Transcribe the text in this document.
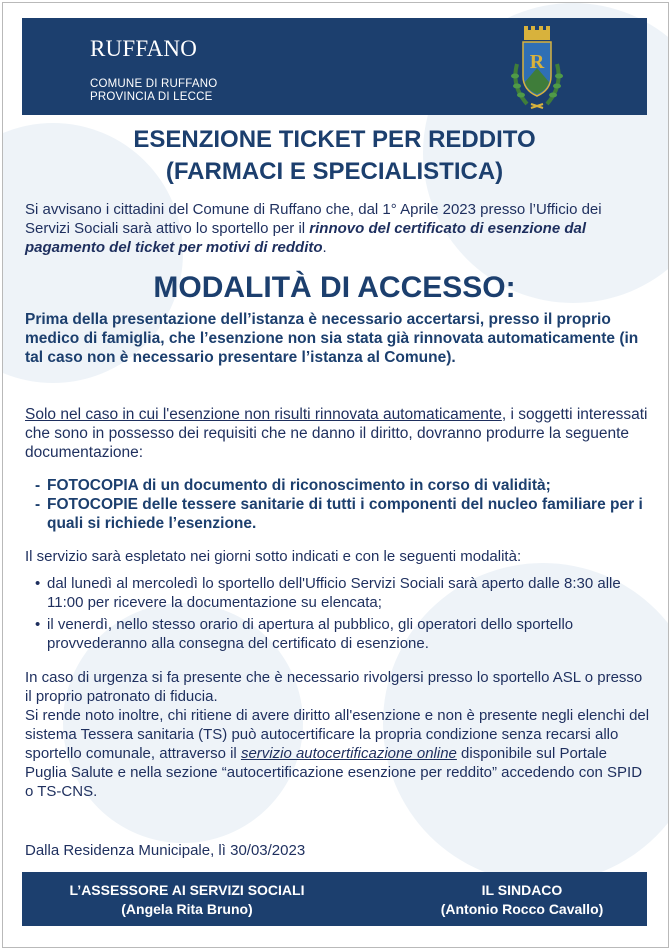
RUFFANO
COMUNE DI RUFFANO
PROVINCIA DI LECCE
R
ESENZIONE TICKET PER REDDITO
(FARMACI E SPECIALISTICA)
Si avvisano i cittadini del Comune di Ruffano che, dal 1° Aprile 2023 presso l’Ufficio dei Servizi Sociali sarà attivo lo sportello per il rinnovo del certificato di esenzione dal pagamento del ticket per motivi di reddito.
MODALITÀ DI ACCESSO:
Prima della presentazione dell’istanza è necessario accertarsi, presso il proprio medico di famiglia, che l’esenzione non sia stata già rinnovata automaticamente (in tal caso non è necessario presentare l’istanza al Comune).
Solo nel caso in cui l'esenzione non risulti rinnovata automaticamente, i soggetti interessati che sono in possesso dei requisiti che ne danno il diritto, dovranno produrre la seguente documentazione:
- FOTOCOPIA di un documento di riconoscimento in corso di validità;
- FOTOCOPIE delle tessere sanitarie di tutti i componenti del nucleo familiare per i quali si richiede l’esenzione.
Il servizio sarà espletato nei giorni sotto indicati e con le seguenti modalità:
• dal lunedì al mercoledì lo sportello dell'Ufficio Servizi Sociali sarà aperto dalle 8:30 alle 11:00 per ricevere la documentazione su elencata;
• il venerdì, nello stesso orario di apertura al pubblico, gli operatori dello sportello provvederanno alla consegna del certificato di esenzione.
In caso di urgenza si fa presente che è necessario rivolgersi presso lo sportello ASL o presso il proprio patronato di fiducia.
Si rende noto inoltre, chi ritiene di avere diritto all'esenzione e non è presente negli elenchi del sistema Tessera sanitaria (TS) può autocertificare la propria condizione senza recarsi allo sportello comunale, attraverso il servizio autocertificazione online disponibile sul Portale Puglia Salute e nella sezione “autocertificazione esenzione per reddito” accedendo con SPID o TS-CNS.
Dalla Residenza Municipale, lì 30/03/2023
L’ASSESSORE AI SERVIZI SOCIALI
(Angela Rita Bruno)
IL SINDACO
(Antonio Rocco Cavallo)
